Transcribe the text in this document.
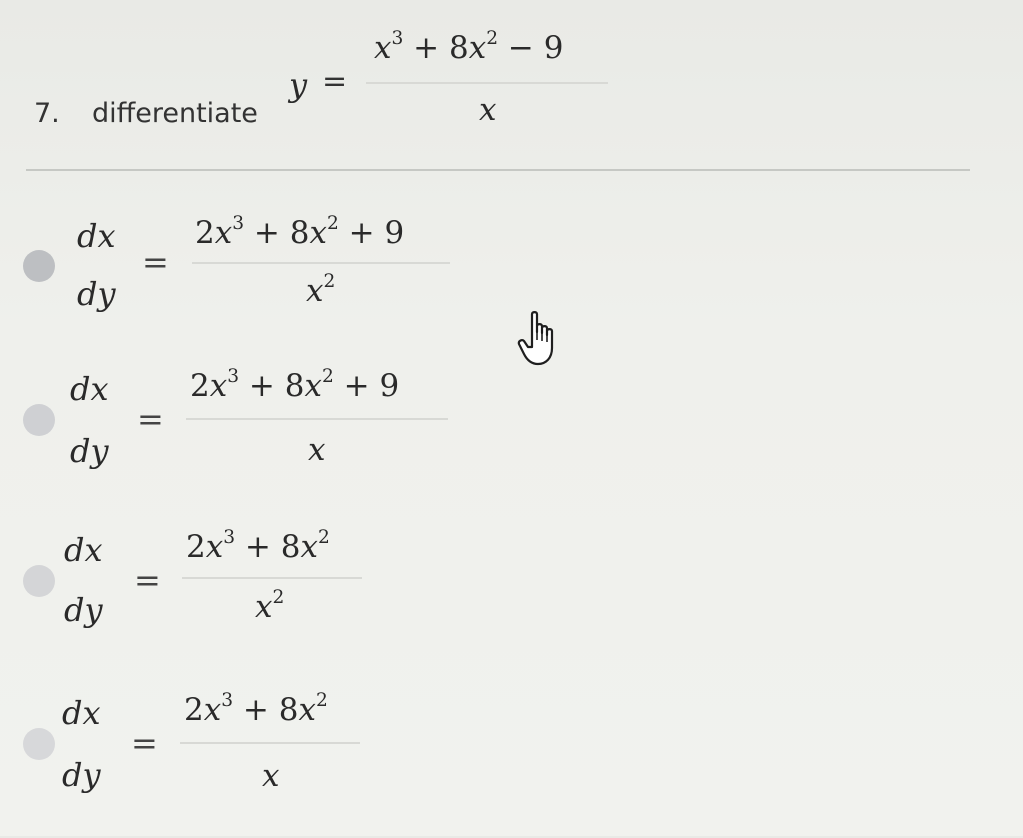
7. differentiate
y =
$x^3 + 8x^2 - 9$
x
dx
dy
=
$2x^3 + 8x^2 + 9$
$x^2$
dx
dy
=
$2x^3 + 8x^2 + 9$
x
dx
dy
=
$2x^3 + 8x^2$
$x^2$
dx
dy
=
$2x^3 + 8x^2$
x
